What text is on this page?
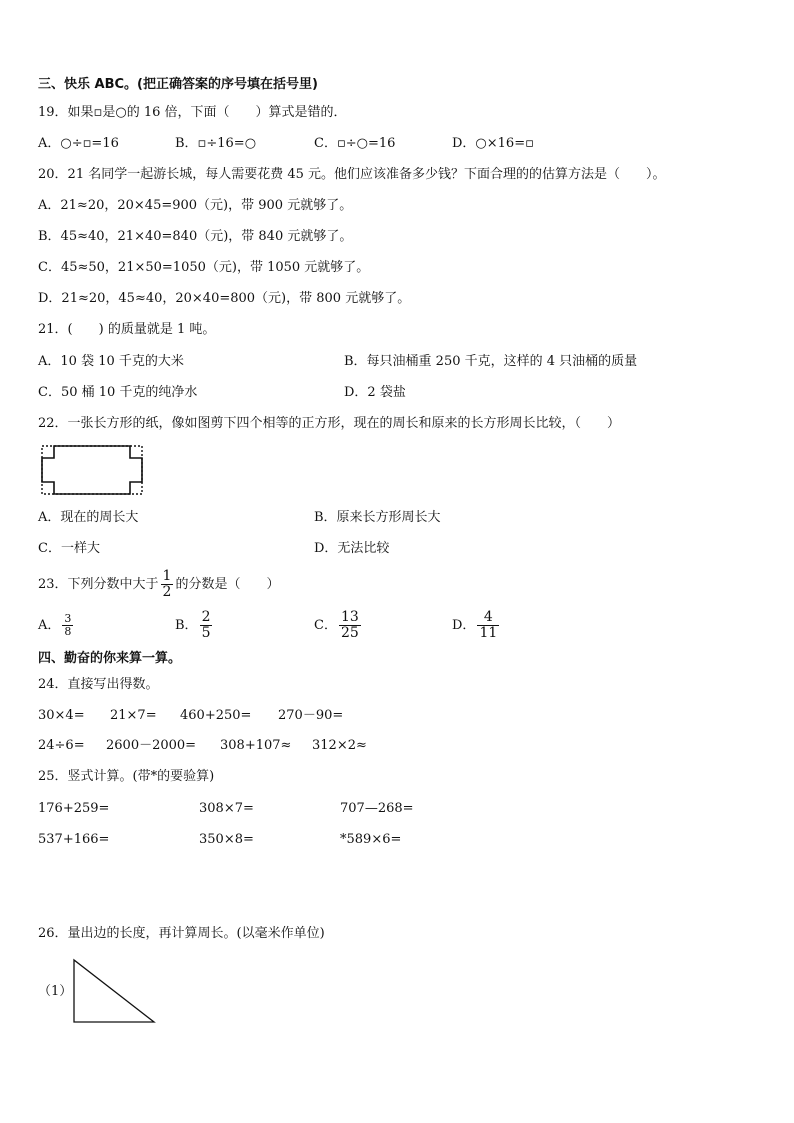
三、快乐 ABC。(把正确答案的序号填在括号里)
19．如果▫是○的 16 倍，下面（　　）算式是错的．
A．○÷▫=16	B．▫÷16=○	C．▫÷○=16	D．○×16=▫
20．21 名同学一起游长城，每人需要花费 45 元。他们应该准备多少钱？下面合理的的估算方法是（　　）。
A．21≈20，20×45=900（元)，带 900 元就够了。
B．45≈40，21×40=840（元)，带 840 元就够了。
C．45≈50，21×50=1050（元)，带 1050 元就够了。
D．21≈20，45≈40，20×40=800（元)，带 800 元就够了。
21．(　　) 的质量就是 1 吨。
A．10 袋 10 千克的大米	B．每只油桶重 250 千克，这样的 4 只油桶的质量
C．50 桶 10 千克的纯净水	D．2 袋盐
22．一张长方形的纸，像如图剪下四个相等的正方形，现在的周长和原来的长方形周长比较，（　　）
A．现在的周长大	B．原来长方形周长大
C．一样大	D．无法比较
23．下列分数中大于 $\frac{1}{2}$ 的分数是（　　）
A． $\frac{3}{8}$	B． $\frac{2}{5}$	C． $\frac{13}{25}$	D． $\frac{4}{11}$
四、勤奋的你来算一算。
24．直接写出得数。
30×4= 21×7= 460+250= 270－90=
24÷6= 2600－2000= 308+107≈ 312×2≈
25．竖式计算。(带*的要验算)
176+259=	308×7=	707—268=
537+166=	350×8=	*589×6=
26．量出边的长度，再计算周长。(以毫米作单位)
（1）
